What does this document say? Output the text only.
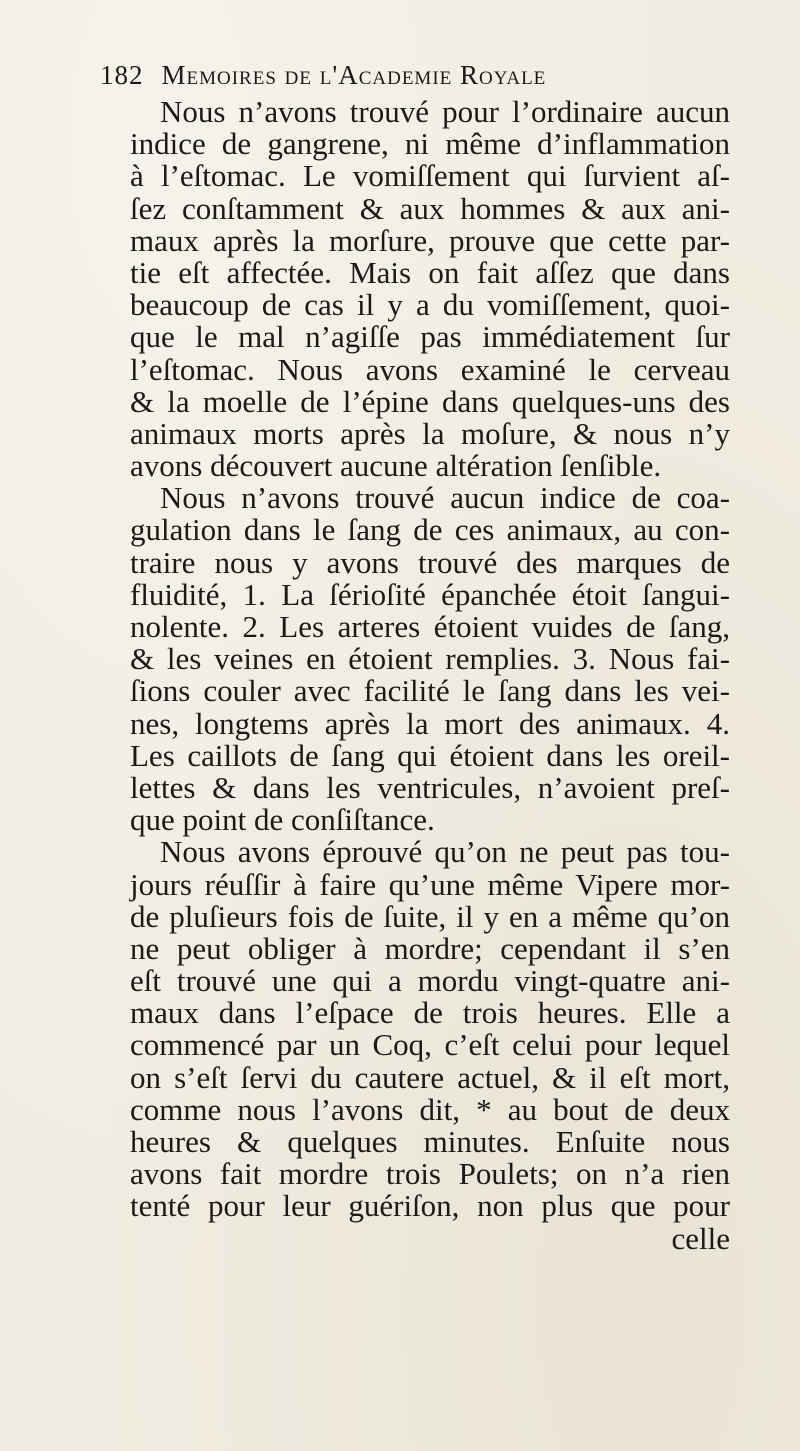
182 Memoires de l'Academie Royale
Nous n’avons trouvé pour l’ordinaire aucun
indice de gangrene, ni même d’inflammation
à l’eſtomac. Le vomiſſement qui ſurvient aſ-
ſez conſtamment & aux hommes & aux ani-
maux après la morſure, prouve que cette par-
tie eſt affectée. Mais on fait aſſez que dans
beaucoup de cas il y a du vomiſſement, quoi-
que le mal n’agiſſe pas immédiatement ſur
l’eſtomac. Nous avons examiné le cerveau
& la moelle de l’épine dans quelques-uns des
animaux morts après la moſure, & nous n’y
avons découvert aucune altération ſenſible.
Nous n’avons trouvé aucun indice de coa-
gulation dans le ſang de ces animaux, au con-
traire nous y avons trouvé des marques de
fluidité, 1. La ſérioſité épanchée étoit ſangui-
nolente. 2. Les arteres étoient vuides de ſang,
& les veines en étoient remplies. 3. Nous fai-
ſions couler avec facilité le ſang dans les vei-
nes, longtems après la mort des animaux. 4.
Les caillots de ſang qui étoient dans les oreil-
lettes & dans les ventricules, n’avoient preſ-
que point de conſiſtance.
Nous avons éprouvé qu’on ne peut pas tou-
jours réuſſir à faire qu’une même Vipere mor-
de pluſieurs fois de ſuite, il y en a même qu’on
ne peut obliger à mordre; cependant il s’en
eſt trouvé une qui a mordu vingt-quatre ani-
maux dans l’eſpace de trois heures. Elle a
commencé par un Coq, c’eſt celui pour lequel
on s’eſt ſervi du cautere actuel, & il eſt mort,
comme nous l’avons dit, * au bout de deux
heures & quelques minutes. Enſuite nous
avons fait mordre trois Poulets; on n’a rien
tenté pour leur guériſon, non plus que pour
celle
